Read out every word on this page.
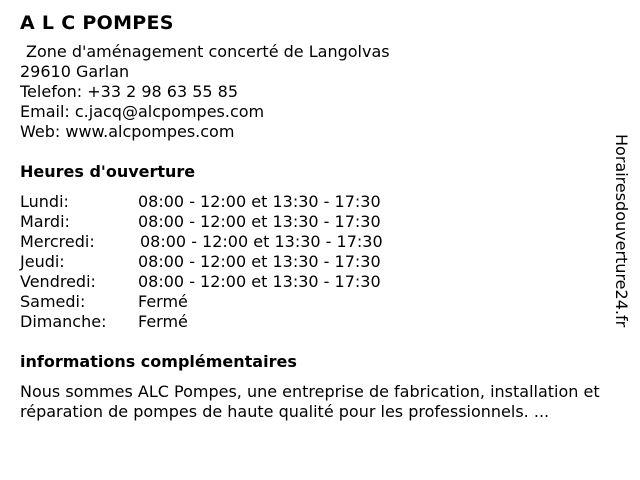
A L C POMPES
Zone d'aménagement concerté de Langolvas
29610 Garlan
Telefon: +33 2 98 63 55 85
Email: c.jacq@alcpompes.com
Web: www.alcpompes.com
Heures d'ouverture
Lundi:	08:00 - 12:00 et 13:30 - 17:30
Mardi:	08:00 - 12:00 et 13:30 - 17:30
Mercredi:	08:00 - 12:00 et 13:30 - 17:30
Jeudi:	08:00 - 12:00 et 13:30 - 17:30
Vendredi:	08:00 - 12:00 et 13:30 - 17:30
Samedi:	Fermé
Dimanche:	Fermé
informations complémentaires
Nous sommes ALC Pompes, une entreprise de fabrication, installation et réparation de pompes de haute qualité pour les professionnels. ...
Horairesdouverture24.fr
